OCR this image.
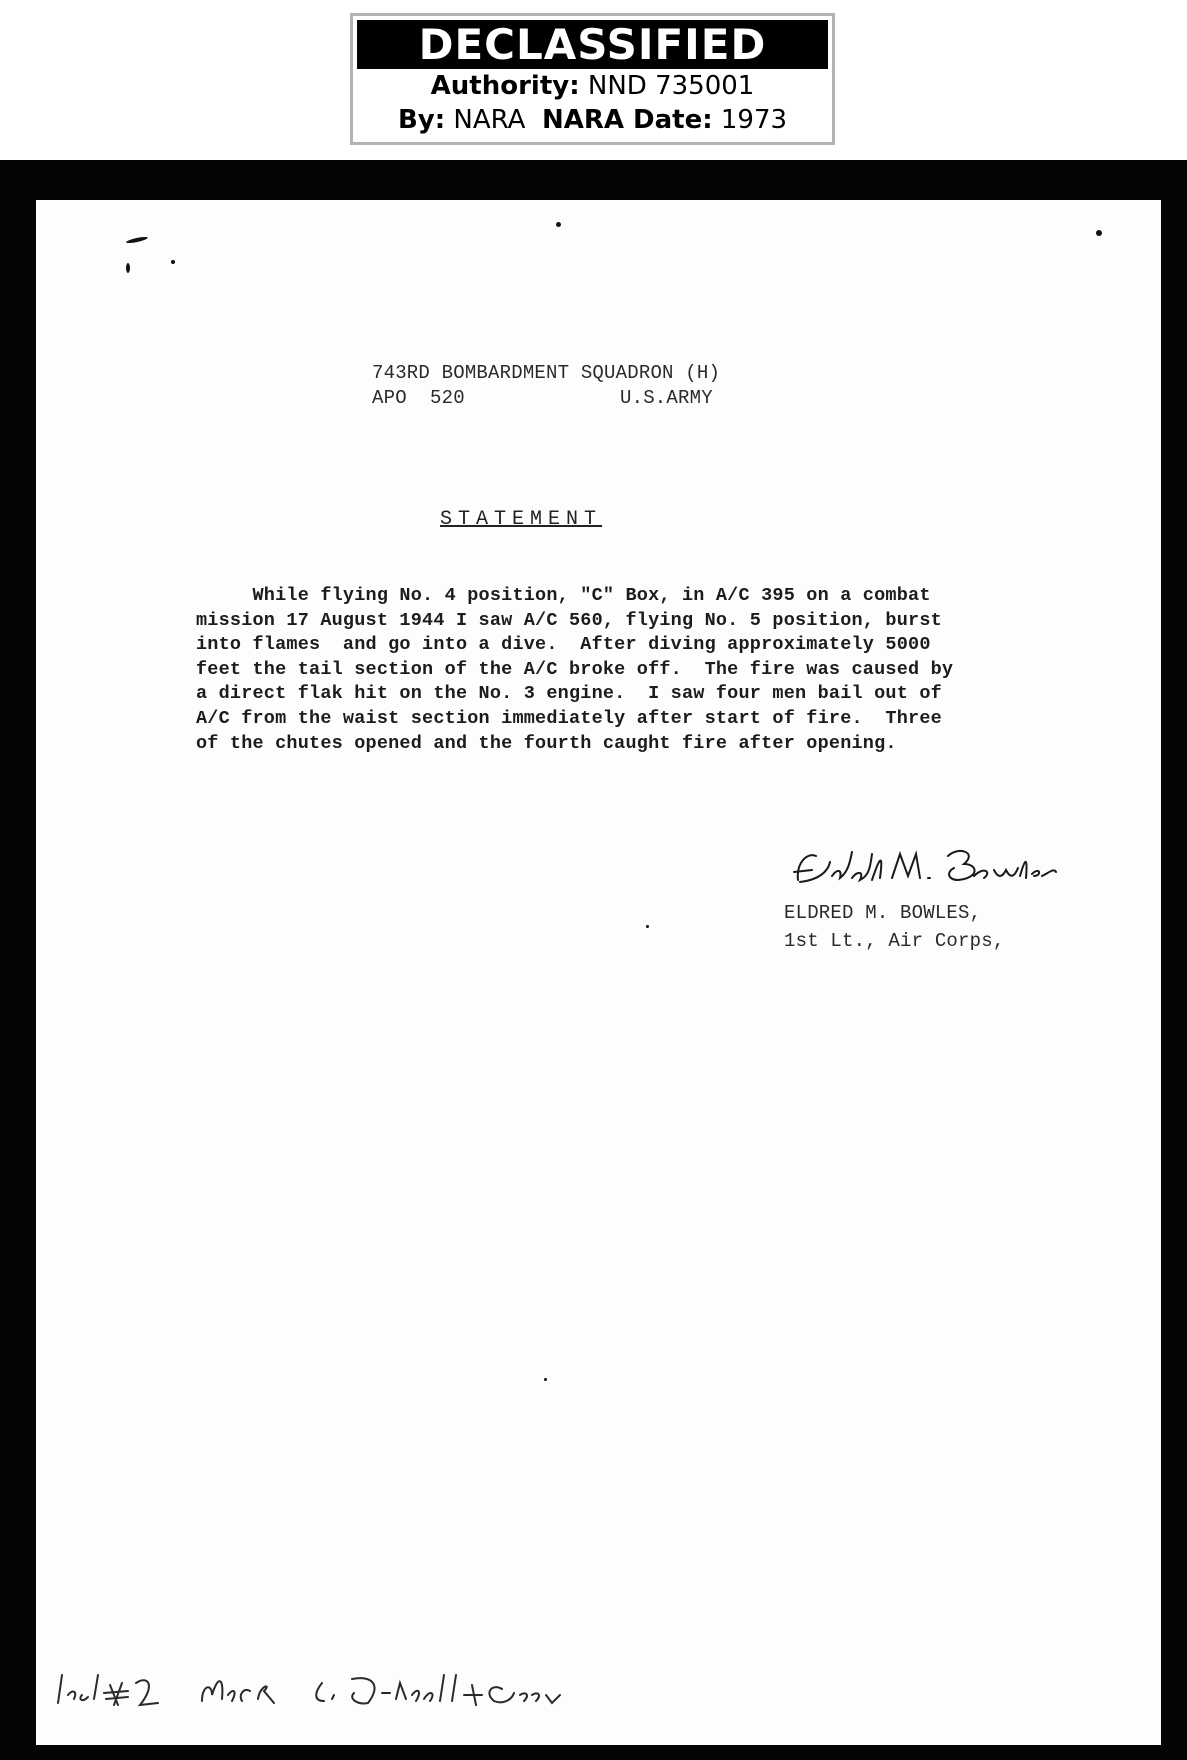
DECLASSIFIED
Authority: NND 735001
By: NARA NARA Date: 1973
743RD BOMBARDMENT SQUADRON (H)
APO  520	U.S.ARMY
STATEMENT
While flying No. 4 position, "C" Box, in A/C 395 on a combat
mission 17 August 1944 I saw A/C 560, flying No. 5 position, burst
into flames  and go into a dive.  After diving approximately 5000
feet the tail section of the A/C broke off.  The fire was caused by
a direct flak hit on the No. 3 engine.  I saw four men bail out of
A/C from the waist section immediately after start of fire.  Three
of the chutes opened and the fourth caught fire after opening.
ELDRED M. BOWLES,
1st Lt., Air Corps,
